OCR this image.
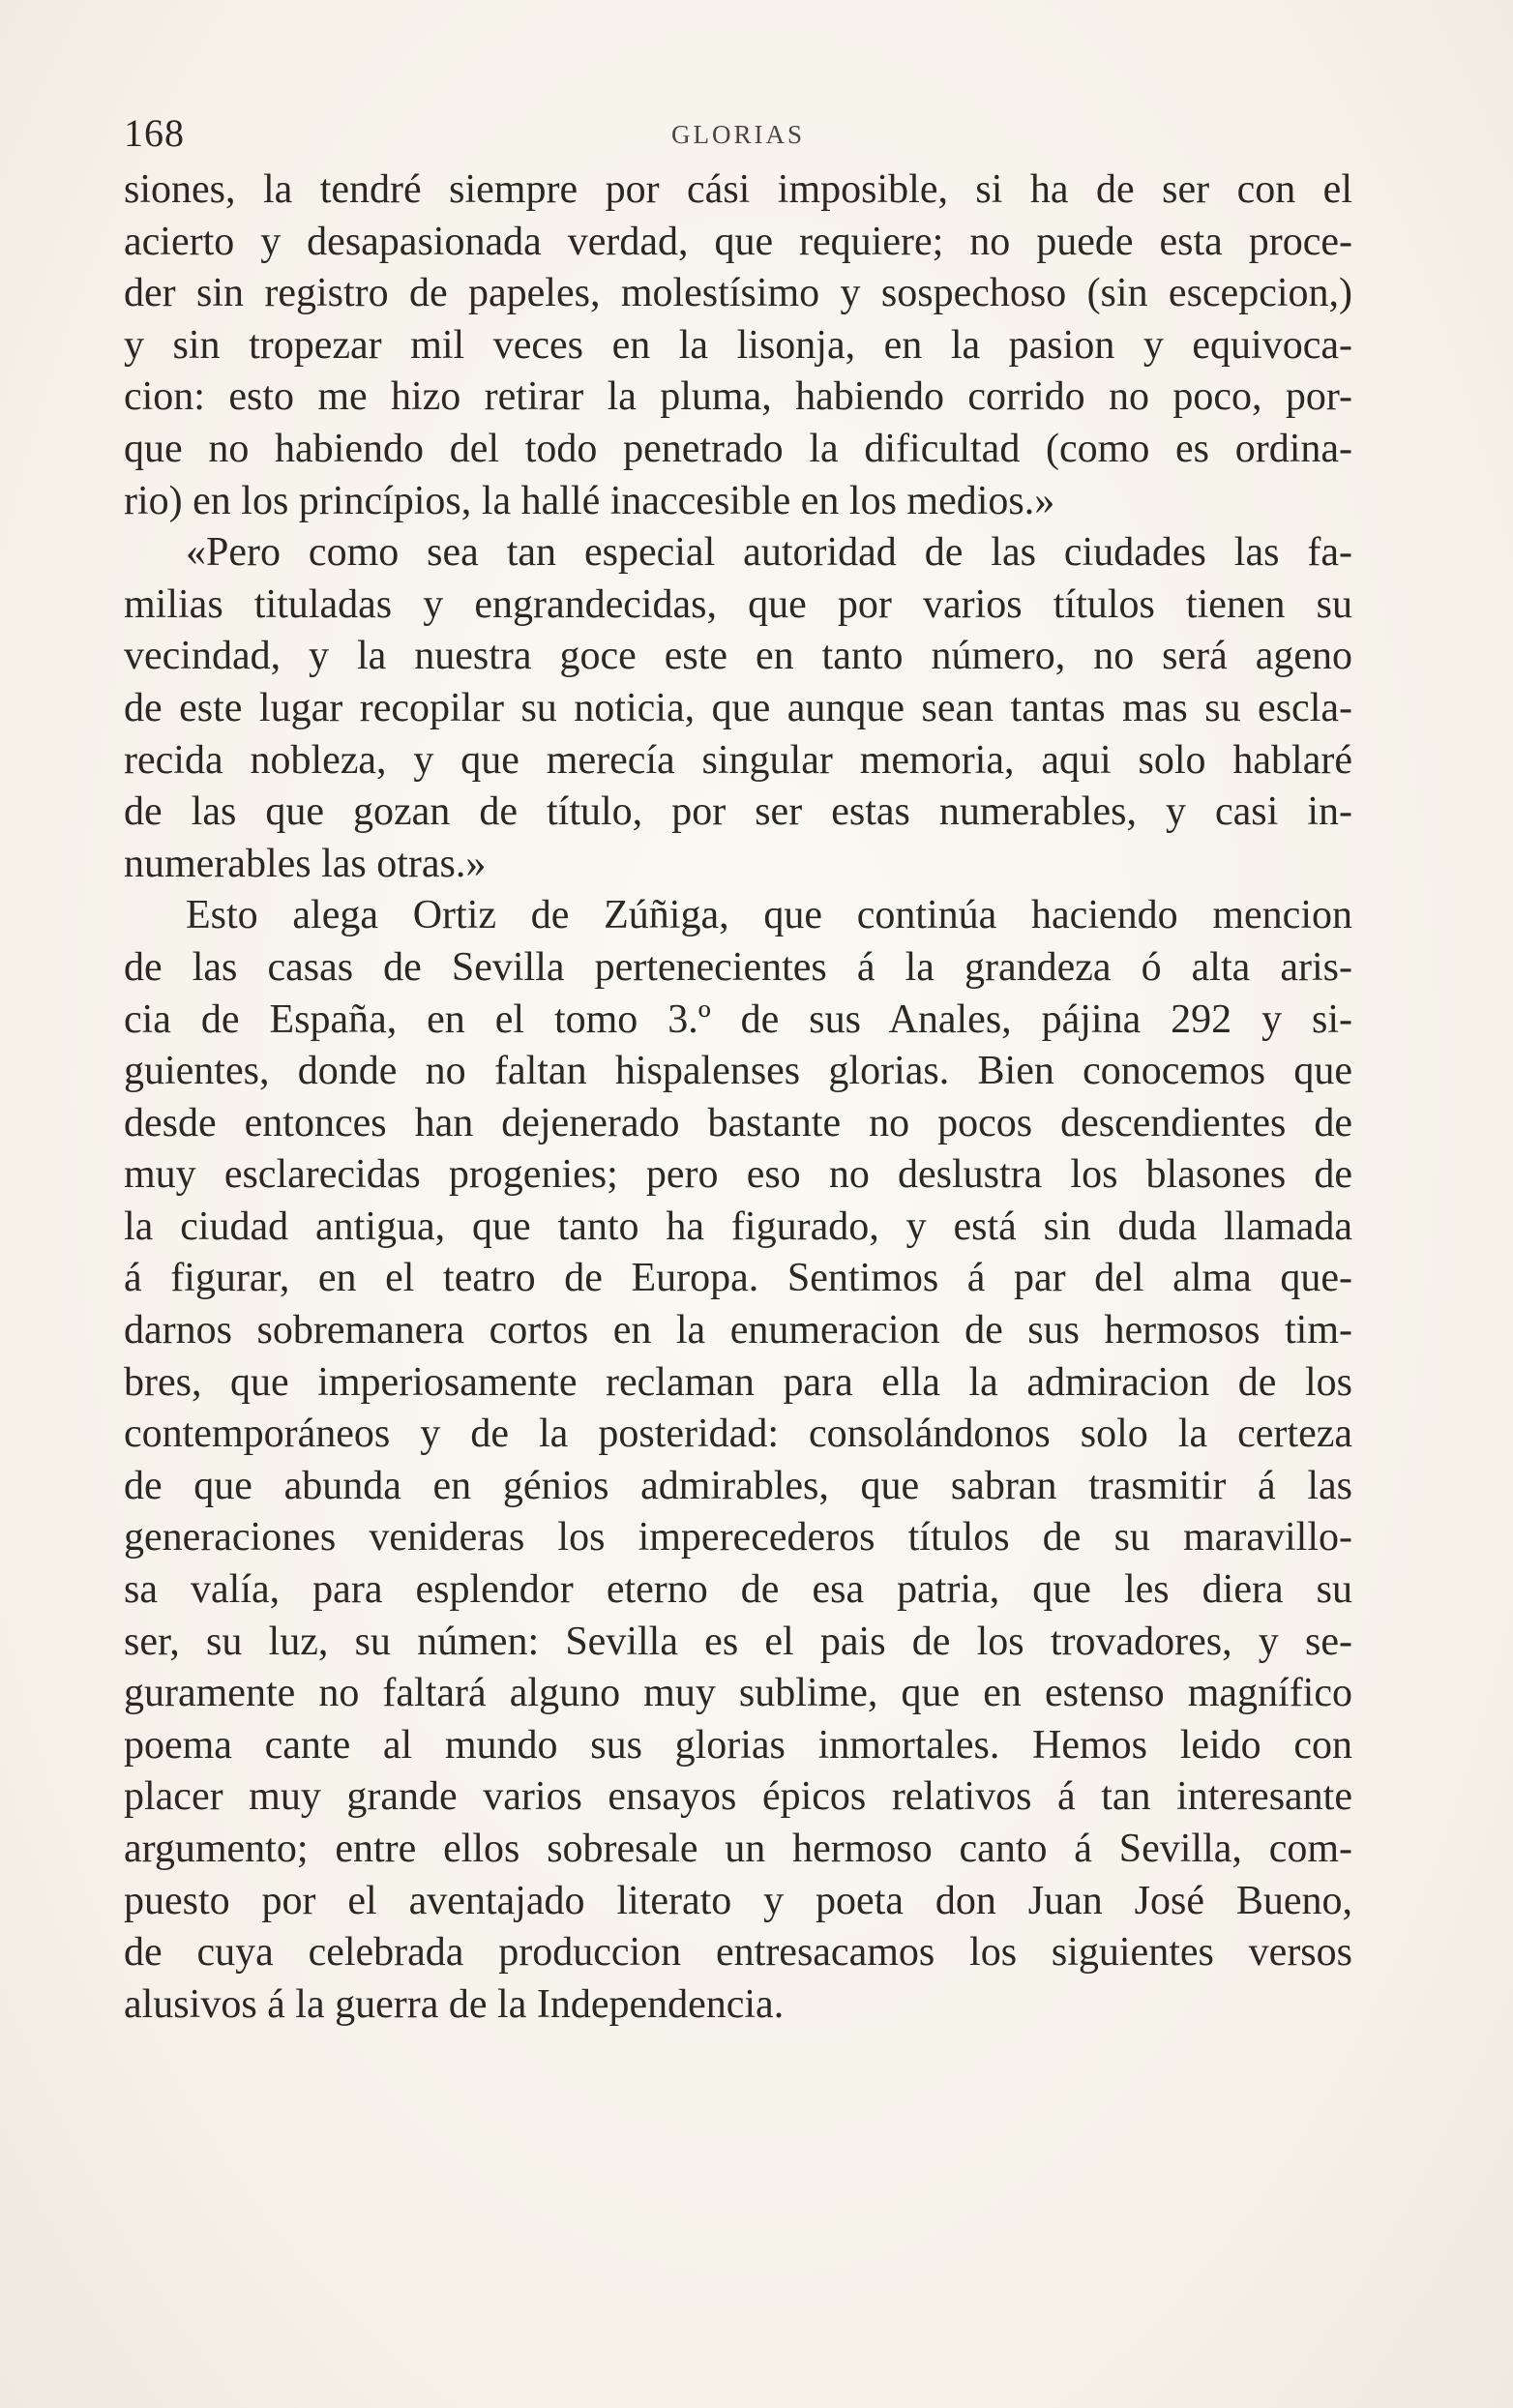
168	GLORIAS
siones, la tendré siempre por cási imposible, si ha de ser con el
acierto y desapasionada verdad, que requiere; no puede esta proce-
der sin registro de papeles, molestísimo y sospechoso (sin escepcion,)
y sin tropezar mil veces en la lisonja, en la pasion y equivoca-
cion: esto me hizo retirar la pluma, habiendo corrido no poco, por-
que no habiendo del todo penetrado la dificultad (como es ordina-
rio) en los princípios, la hallé inaccesible en los medios.»
«Pero como sea tan especial autoridad de las ciudades las fa-
milias tituladas y engrandecidas, que por varios títulos tienen su
vecindad, y la nuestra goce este en tanto número, no será ageno
de este lugar recopilar su noticia, que aunque sean tantas mas su escla-
recida nobleza, y que merecía singular memoria, aqui solo hablaré
de las que gozan de título, por ser estas numerables, y casi in-
numerables las otras.»
Esto alega Ortiz de Zúñiga, que continúa haciendo mencion
de las casas de Sevilla pertenecientes á la grandeza ó alta aris-
cia de España, en el tomo 3.º de sus Anales, pájina 292 y si-
guientes, donde no faltan hispalenses glorias. Bien conocemos que
desde entonces han dejenerado bastante no pocos descendientes de
muy esclarecidas progenies; pero eso no deslustra los blasones de
la ciudad antigua, que tanto ha figurado, y está sin duda llamada
á figurar, en el teatro de Europa. Sentimos á par del alma que-
darnos sobremanera cortos en la enumeracion de sus hermosos tim-
bres, que imperiosamente reclaman para ella la admiracion de los
contemporáneos y de la posteridad: consolándonos solo la certeza
de que abunda en génios admirables, que sabran trasmitir á las
generaciones venideras los imperecederos títulos de su maravillo-
sa valía, para esplendor eterno de esa patria, que les diera su
ser, su luz, su númen: Sevilla es el pais de los trovadores, y se-
guramente no faltará alguno muy sublime, que en estenso magnífico
poema cante al mundo sus glorias inmortales. Hemos leido con
placer muy grande varios ensayos épicos relativos á tan interesante
argumento; entre ellos sobresale un hermoso canto á Sevilla, com-
puesto por el aventajado literato y poeta don Juan José Bueno,
de cuya celebrada produccion entresacamos los siguientes versos
alusivos á la guerra de la Independencia.
